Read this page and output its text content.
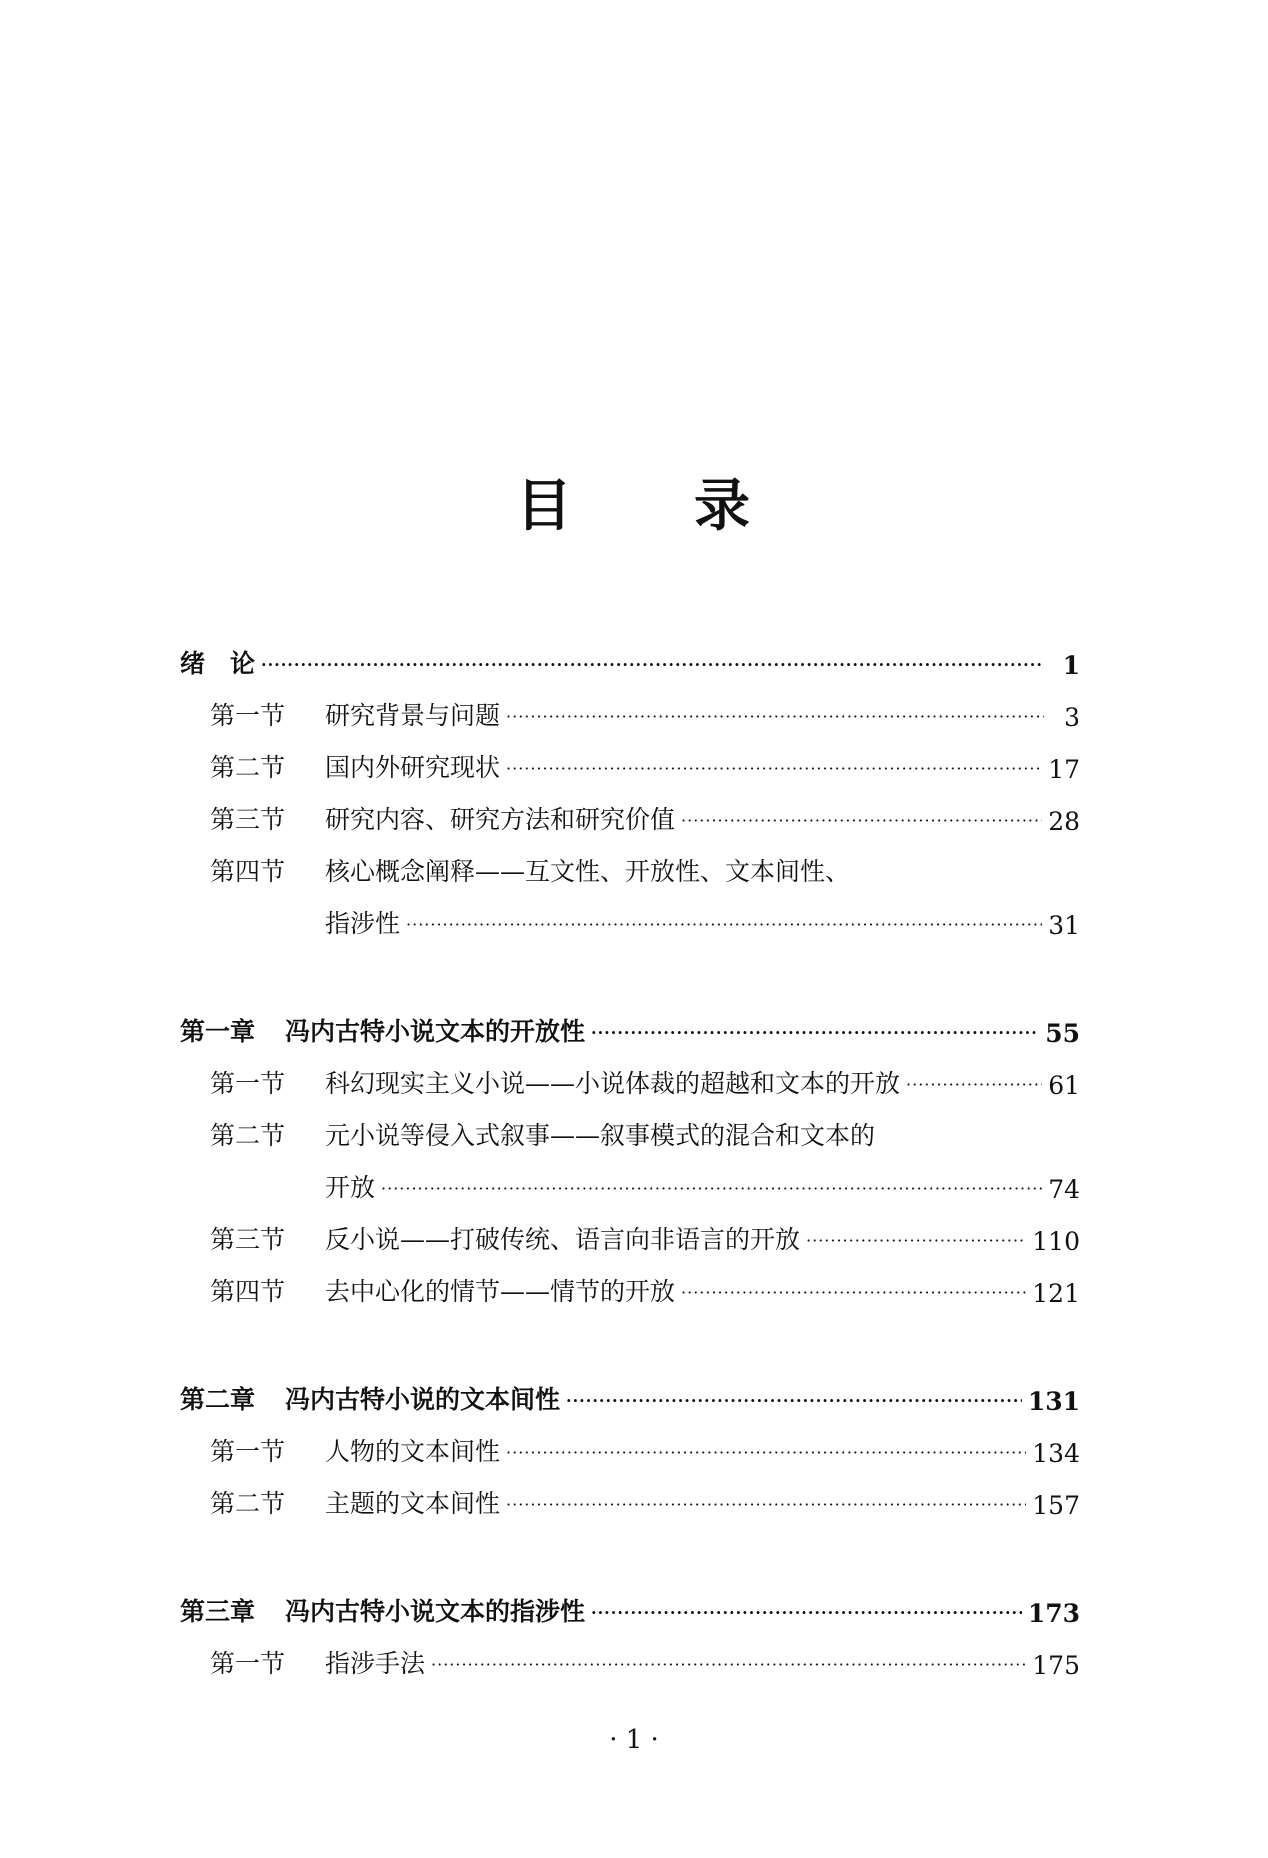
目 录
绪　论 ·····	1
第一节 研究背景与问题 ·····	3
第二节 国内外研究现状 ·····	17
第三节 研究内容、研究方法和研究价值 ·····	28
第四节	核心概念阐释——互文性、开放性、文本间性、
指涉性 ·····	31
第一章 冯内古特小说文本的开放性 ·····	55
第一节 科幻现实主义小说——小说体裁的超越和文本的开放 ·····	61
第二节	元小说等侵入式叙事——叙事模式的混合和文本的
开放 ·····	74
第三节 反小说——打破传统、语言向非语言的开放 ·····	110
第四节 去中心化的情节——情节的开放 ·····	121
第二章 冯内古特小说的文本间性 ·····	131
第一节 人物的文本间性 ·····	134
第二节 主题的文本间性 ·····	157
第三章 冯内古特小说文本的指涉性 ·····	173
第一节 指涉手法 ·····	175
· 1 ·
